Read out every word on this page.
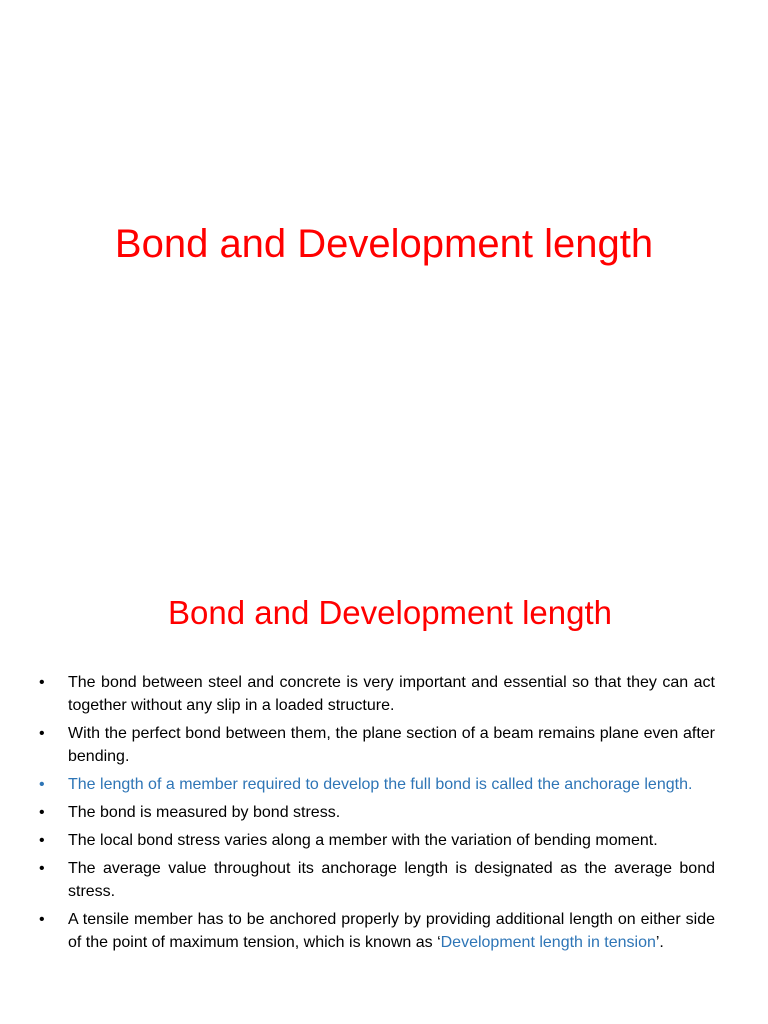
Bond and Development length
Bond and Development length
• The bond between steel and concrete is very important and essential so that they can act together without any slip in a loaded structure.
• With the perfect bond between them, the plane section of a beam remains plane even after bending.
• The length of a member required to develop the full bond is called the anchorage length.
• The bond is measured by bond stress.
• The local bond stress varies along a member with the variation of bending moment.
• The average value throughout its anchorage length is designated as the average bond stress.
• A tensile member has to be anchored properly by providing additional length on either side of the point of maximum tension, which is known as ‘Development length in tension’.
